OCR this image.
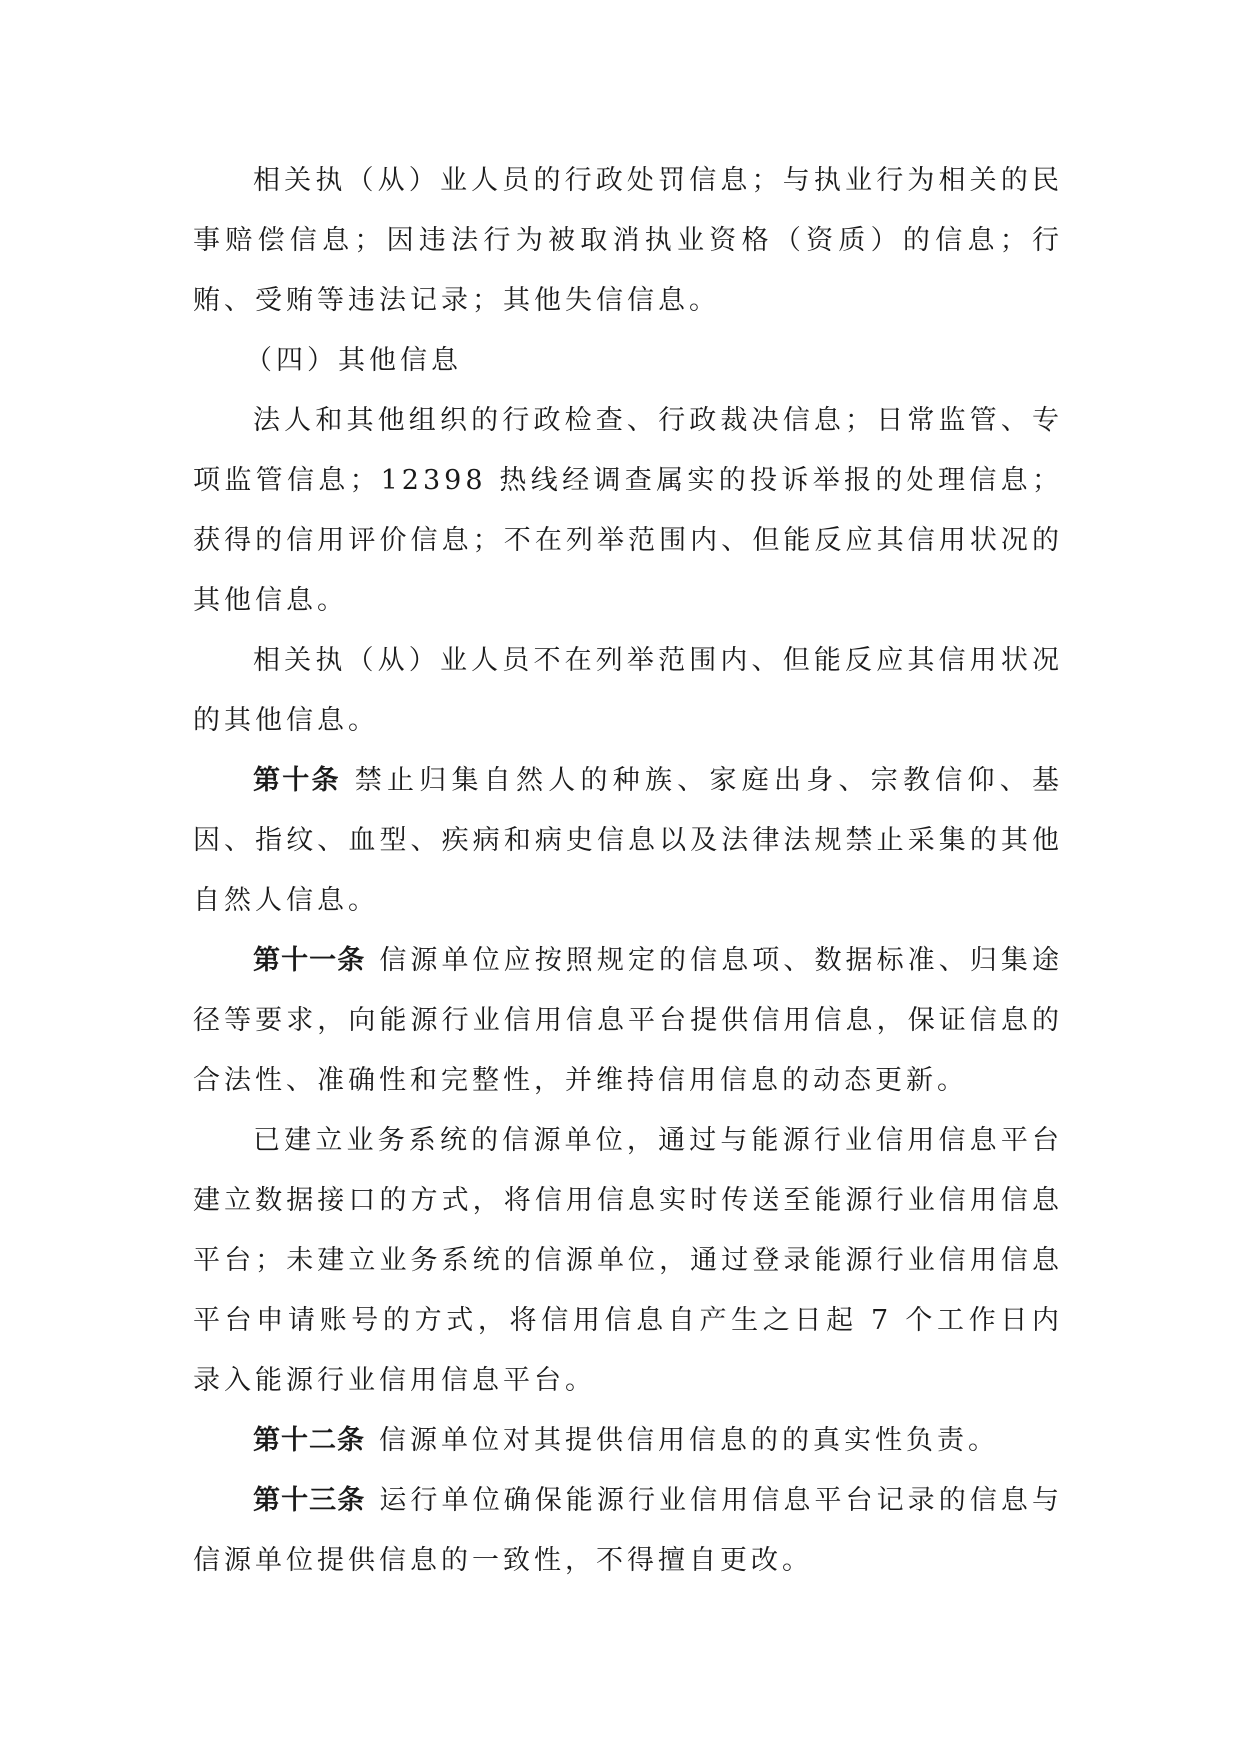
相关执（从）业人员的行政处罚信息；与执业行为相关的民事赔偿信息；因违法行为被取消执业资格（资质）的信息；行贿、受贿等违法记录；其他失信信息。

（四）其他信息

法人和其他组织的行政检查、行政裁决信息；日常监管、专项监管信息；12398 热线经调查属实的投诉举报的处理信息；获得的信用评价信息；不在列举范围内、但能反应其信用状况的其他信息。

相关执（从）业人员不在列举范围内、但能反应其信用状况的其他信息。

第十条 禁止归集自然人的种族、家庭出身、宗教信仰、基因、指纹、血型、疾病和病史信息以及法律法规禁止采集的其他自然人信息。

第十一条 信源单位应按照规定的信息项、数据标准、归集途径等要求，向能源行业信用信息平台提供信用信息，保证信息的合法性、准确性和完整性，并维持信用信息的动态更新。

已建立业务系统的信源单位，通过与能源行业信用信息平台建立数据接口的方式，将信用信息实时传送至能源行业信用信息平台；未建立业务系统的信源单位，通过登录能源行业信用信息平台申请账号的方式，将信用信息自产生之日起 7 个工作日内录入能源行业信用信息平台。

第十二条 信源单位对其提供信用信息的的真实性负责。

第十三条 运行单位确保能源行业信用信息平台记录的信息与信源单位提供信息的一致性，不得擅自更改。
